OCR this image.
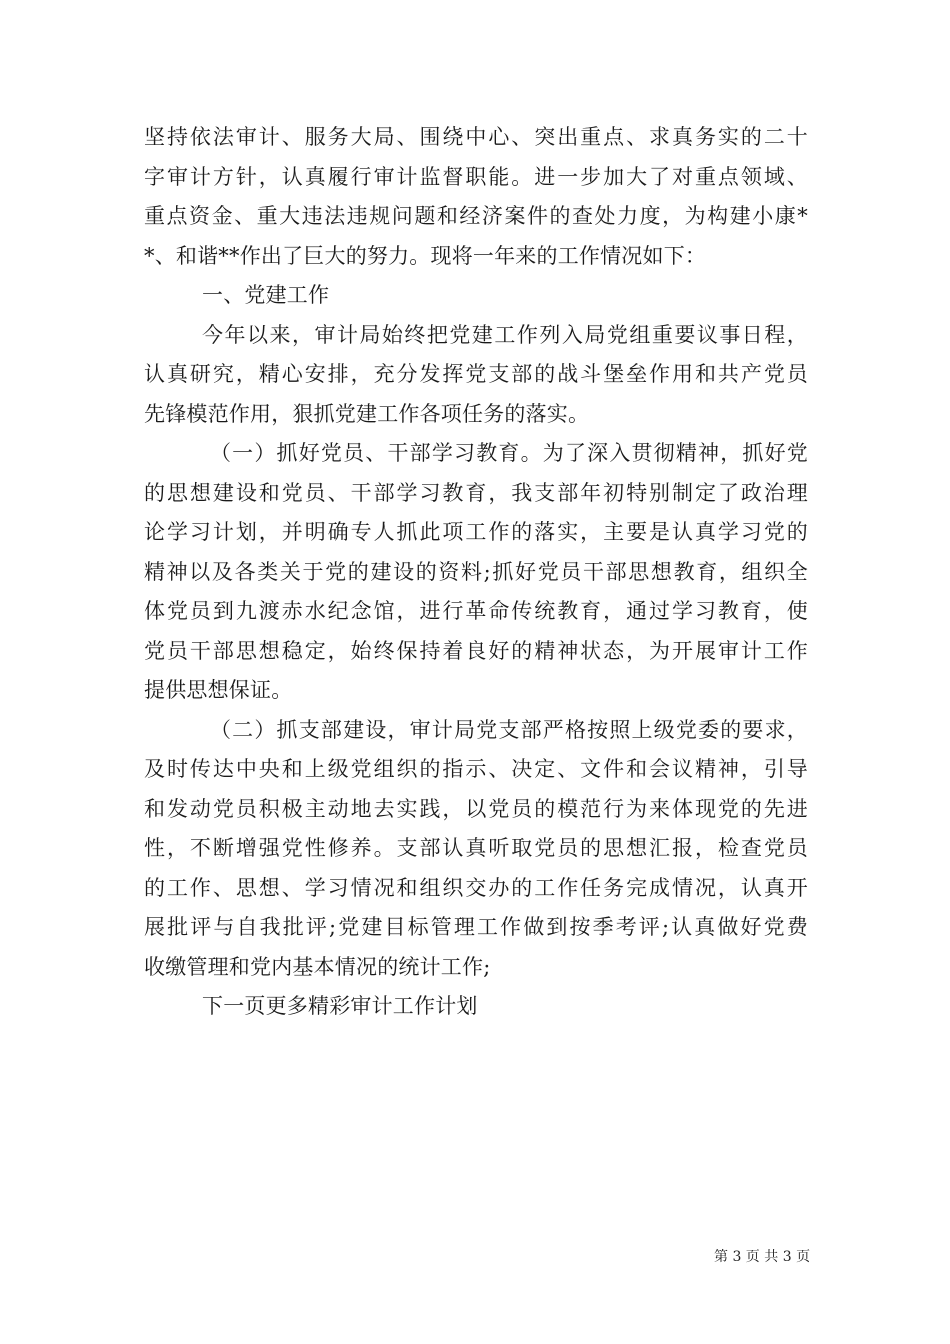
坚持依法审计、服务大局、围绕中心、突出重点、求真务实的二十
字审计方针，认真履行审计监督职能。进一步加大了对重点领域、
重点资金、重大违法违规问题和经济案件的查处力度，为构建小康*
*、和谐**作出了巨大的努力。现将一年来的工作情况如下：
一、党建工作
今年以来，审计局始终把党建工作列入局党组重要议事日程，
认真研究，精心安排，充分发挥党支部的战斗堡垒作用和共产党员
先锋模范作用，狠抓党建工作各项任务的落实。
（一）抓好党员、干部学习教育。为了深入贯彻精神，抓好党
的思想建设和党员、干部学习教育，我支部年初特别制定了政治理
论学习计划，并明确专人抓此项工作的落实，主要是认真学习党的
精神以及各类关于党的建设的资料;抓好党员干部思想教育，组织全
体党员到九渡赤水纪念馆，进行革命传统教育，通过学习教育，使
党员干部思想稳定，始终保持着良好的精神状态，为开展审计工作
提供思想保证。
（二）抓支部建设，审计局党支部严格按照上级党委的要求，
及时传达中央和上级党组织的指示、决定、文件和会议精神，引导
和发动党员积极主动地去实践，以党员的模范行为来体现党的先进
性，不断增强党性修养。支部认真听取党员的思想汇报，检查党员
的工作、思想、学习情况和组织交办的工作任务完成情况，认真开
展批评与自我批评;党建目标管理工作做到按季考评;认真做好党费
收缴管理和党内基本情况的统计工作;
下一页更多精彩审计工作计划
第 3 页 共 3 页
